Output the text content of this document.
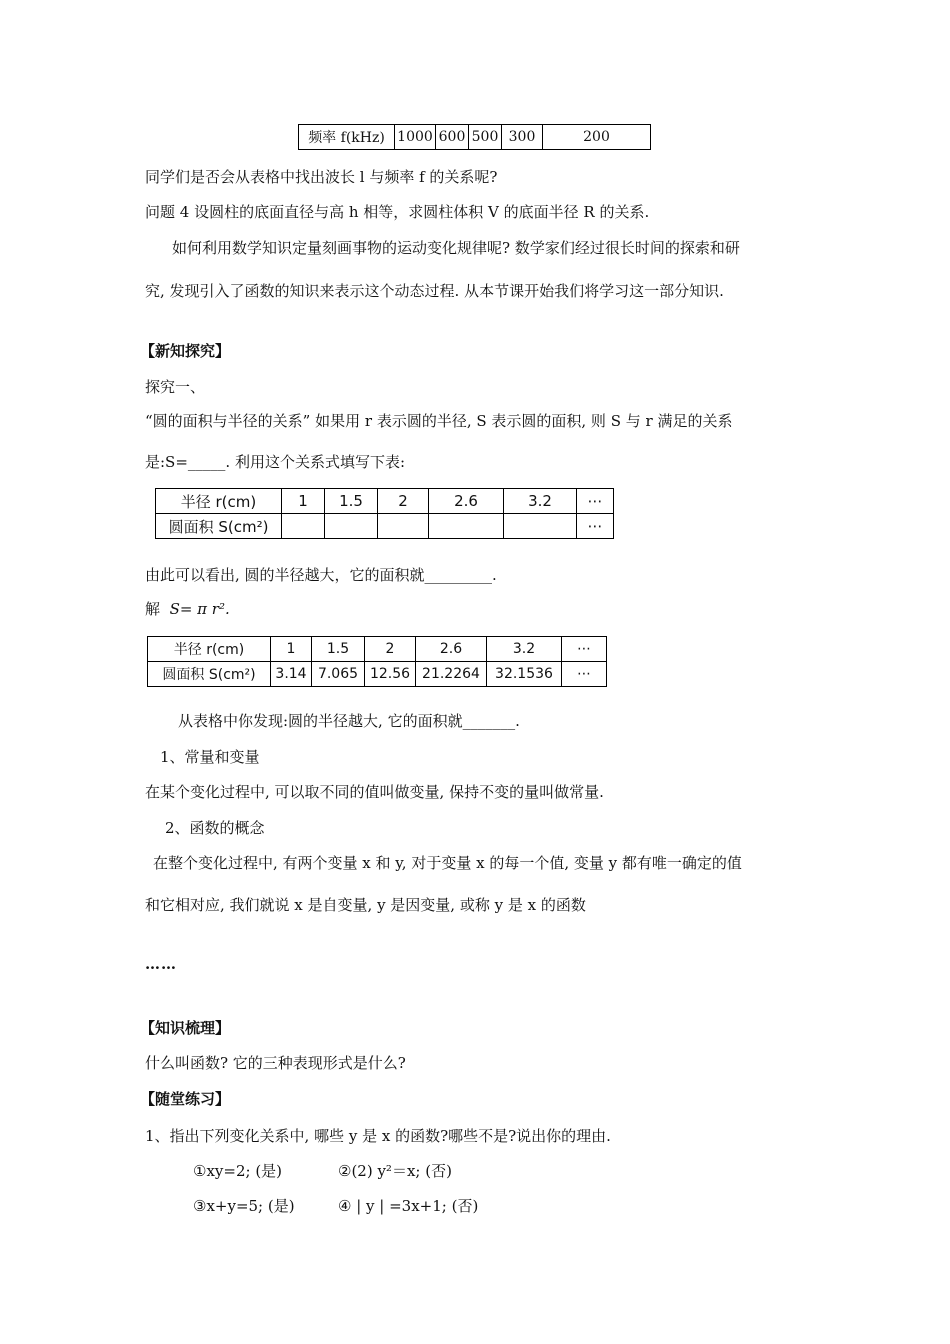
频率 f(kHz)	1000	600	500	300	200
同学们是否会从表格中找出波长 l 与频率 f 的关系呢?
问题 4 设圆柱的底面直径与高 h 相等，求圆柱体积 V 的底面半径 R 的关系.
如何利用数学知识定量刻画事物的运动变化规律呢? 数学家们经过很长时间的探索和研
究, 发现引入了函数的知识来表示这个动态过程. 从本节课开始我们将学习这一部分知识.
【新知探究】
探究一、
“圆的面积与半径的关系” 如果用 r 表示圆的半径, S 表示圆的面积, 则 S 与 r 满足的关系
是:S=_____. 利用这个关系式填写下表:
半径 r(cm)	1	1.5	2	2.6	3.2	⋯
圆面积 S(cm²)						⋯
由此可以看出, 圆的半径越大，它的面积就_________.
解 S= π r².
半径 r(cm)	1	1.5	2	2.6	3.2	⋯
圆面积 S(cm²)	3.14	7.065	12.56	21.2264	32.1536	⋯
从表格中你发现:圆的半径越大, 它的面积就_______.
1、常量和变量
在某个变化过程中, 可以取不同的值叫做变量, 保持不变的量叫做常量.
2、函数的概念
在整个变化过程中, 有两个变量 x 和 y, 对于变量 x 的每一个值, 变量 y 都有唯一确定的值
和它相对应, 我们就说 x 是自变量, y 是因变量, 或称 y 是 x 的函数
……
【知识梳理】
什么叫函数? 它的三种表现形式是什么?
【随堂练习】
1、指出下列变化关系中, 哪些 y 是 x 的函数?哪些不是?说出你的理由.
①xy=2; (是)	②(2) y²＝x; (否)
③x+y=5; (是)	④ | y | =3x+1; (否)
